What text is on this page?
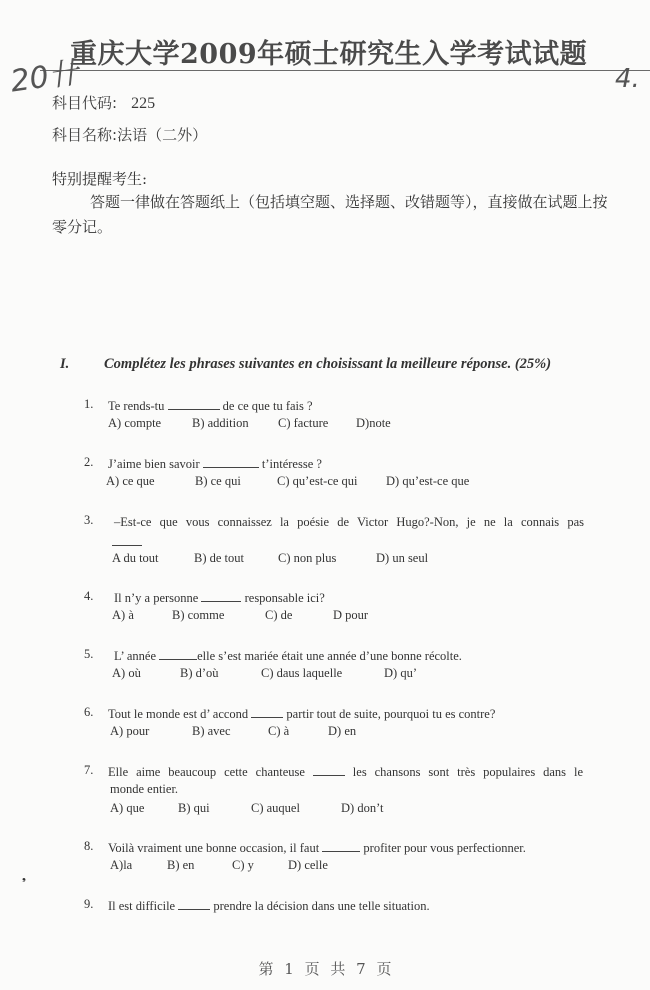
重庆大学2009年硕士研究生入学考试试题
20卄	4.
科目代码: 225
科目名称:法语（二外）
特别提醒考生:
答题一律做在答题纸上（包括填空题、选择题、改错题等），直接做在试题上按零分记。
I. Complétez les phrases suivantes en choisissant la meilleure réponse. (25%)
1. Te rends-tu	de ce que tu fais ?
A) compte B) addition C) facture D)note
2. J’aime bien savoir	t’intéresse ?
A) ce que	B) ce qui	C) qu’est-ce qui D) qu’est-ce que
3. –Est-ce que vous connaissez la poésie de Victor Hugo?-Non, je ne la connais pas
A du tout	B) de tout	C) non plus	D) un seul
4. Il n’y a personne	responsable ici?
A) à	B) comme	C) de	D pour
5. L’ année	elle s’est mariée était une année d’une bonne récolte.
A) où	B) d’où	C) daus laquelle	D) qu’
6. Tout le monde est d’ accond	partir tout de suite, pourquoi tu es contre?
A) pour	B) avec	C) à	D) en
7. Elle aime beaucoup cette chanteuse	les chansons sont très populaires dans le
monde entier.
A) que	B) qui	C) auquel	D) don’t
8. Voilà vraiment une bonne occasion, il faut	profiter pour vous perfectionner.
A)la	B) en	C) y	D) celle
9. Il est difficile	prendre la décision dans une telle situation.
❟
第 1 页 共 7 页
